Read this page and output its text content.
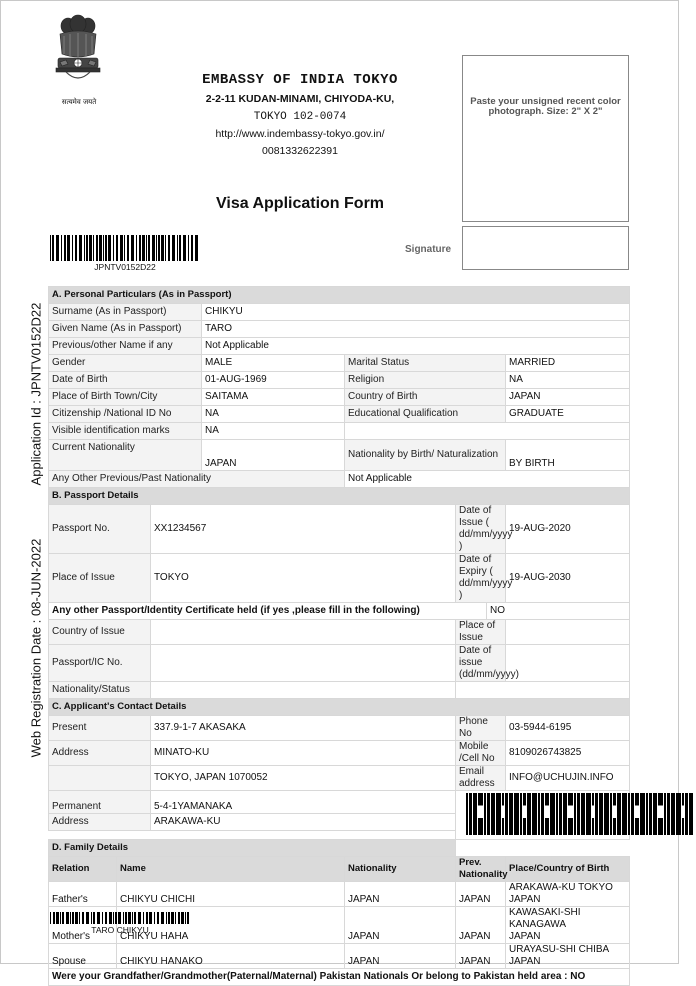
सत्यमेव जयते
EMBASSY OF INDIA TOKYO
2-2-11 KUDAN-MINAMI, CHIYODA-KU,
TOKYO 102-0074
http://www.indembassy-tokyo.gov.in/
0081332622391
Visa Application Form
Paste your unsigned recent color photograph. Size: 2" X 2"
Signature
JPNTV0152D22
Web Registration Date : 08-JUN-2022  Application Id : JPNTV0152D22
A. Personal Particulars (As in Passport)							
Surname (As in Passport)			CHIKYU				
Given Name (As in Passport)			TARO				
Previous/other Name if any			Not Applicable				
Gender			MALE	Marital Status			MARRIED
Date of Birth			01-AUG-1969	Religion			NA
Place of Birth Town/City			SAITAMA	Country of Birth			JAPAN
Citizenship /National ID No			NA	Educational Qualification			GRADUATE
Visible identification marks			NA				
Current Nationality			JAPAN	Nationality by Birth/ Naturalization			BY BIRTH
Any Other Previous/Past Nationality				Not Applicable			
B. Passport Details							
Passport No.		XX1234567			Date of Issue ( dd/mm/yyyy )		19-AUG-2020
Place of Issue		TOKYO			Date of Expiry ( dd/mm/yyyy )		19-AUG-2030
Any other Passport/Identity Certificate held (if yes ,please fill in the following)						NO	
Country of Issue					Place of Issue		
Passport/IC No.					Date of issue (dd/mm/yyyy)		
Nationality/Status							
C. Applicant's Contact Details							
Present		337.9-1-7 AKASAKA			Phone No		03-5944-6195
Address		MINATO-KU			Mobile /Cell No		8109026743825
		TOKYO, JAPAN 1070052			Email address		INFO@UCHUJIN.INFO
Permanent		5-4-1YAMANAKA					

Address		ARAKAWA-KU					

D. Family Details							
Relation	Name			Nationality	Prev. Nationality		Place/Country of Birth
Father's	CHIKYU CHICHI			JAPAN	JAPAN		ARAKAWA-KU TOKYO
JAPAN

Mother's	CHIKYU HAHA			JAPAN	JAPAN		KAWASAKI-SHI KANAGAWA
JAPAN

Spouse	CHIKYU HANAKO			JAPAN	JAPAN		URAYASU-SHI CHIBA
JAPAN

Were your Grandfather/Grandmother(Paternal/Maternal) Pakistan Nationals Or belong to Pakistan held area : NO							
TARO CHIKYU
